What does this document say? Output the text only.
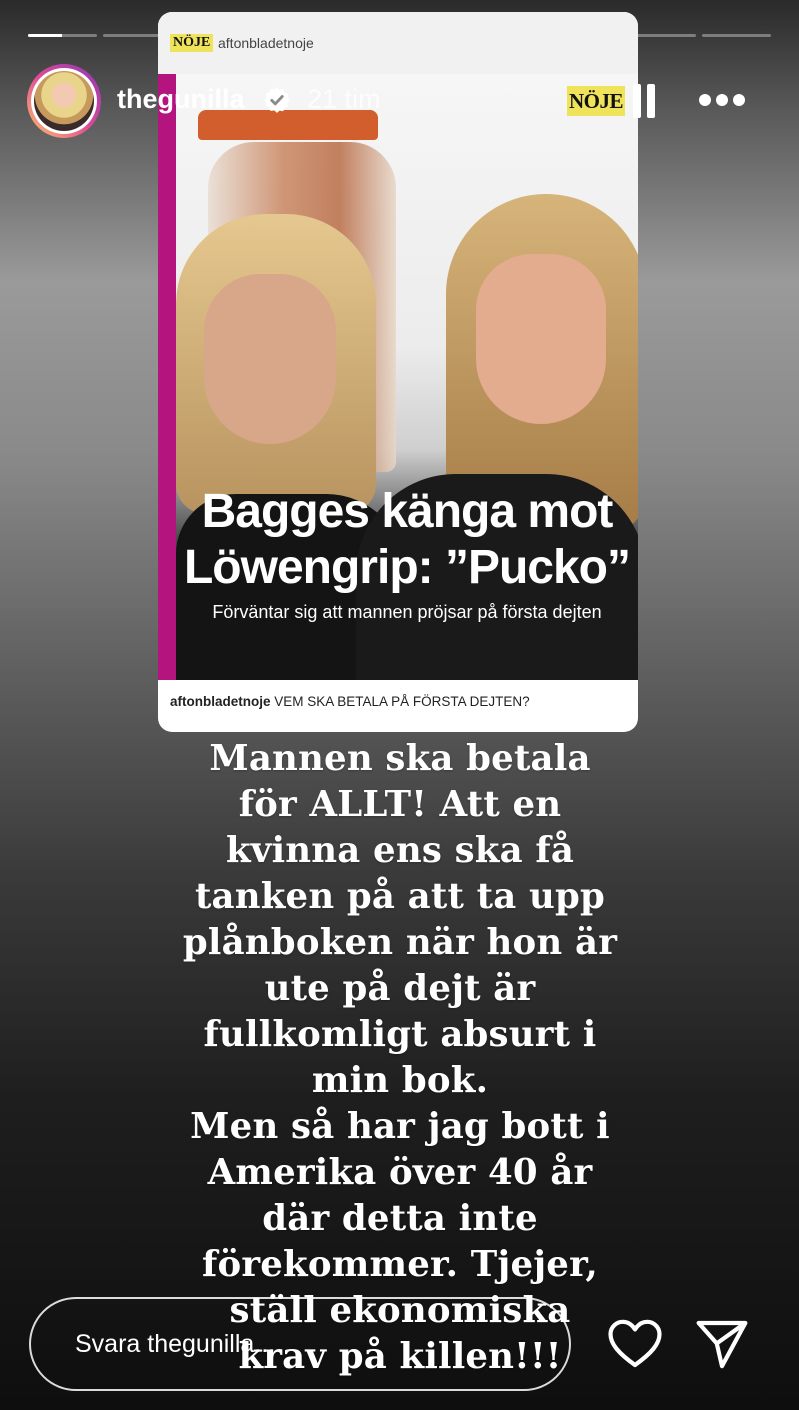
NÖJE aftonbladetnoje
Bagges känga mot
Löwengrip: ”Pucko”
Förväntar sig att mannen pröjsar på första dejten
aftonbladetnoje VEM SKA BETALA PÅ FÖRSTA DEJTEN?
thegunilla 21 tim	NÖJE
Mannen ska betala
för ALLT! Att en
kvinna ens ska få
tanken på att ta upp
plånboken när hon är
ute på dejt är
fullkomligt absurt i
min bok.
Men så har jag bott i
Amerika över 40 år
där detta inte
förekommer. Tjejer,
ställ ekonomiska
krav på killen!!!
Svara thegunilla...
